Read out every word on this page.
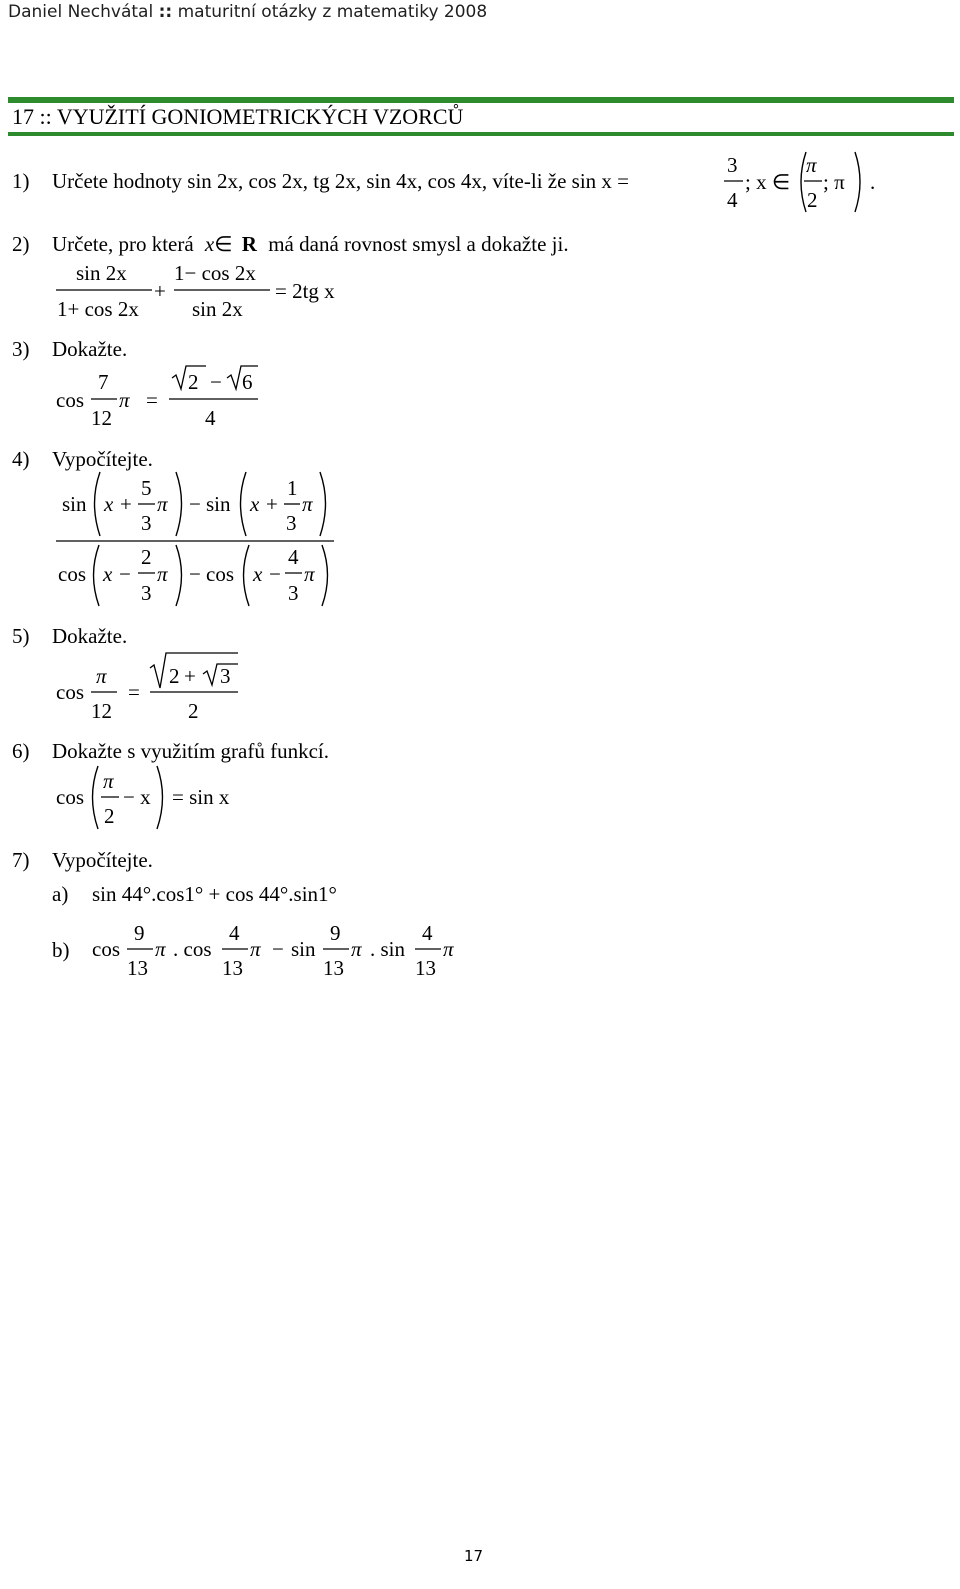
Daniel Nechvátal :: maturitní otázky z matematiky 2008
17 :: VYUŽITÍ GONIOMETRICKÝCH VZORCŮ
1) Určete hodnoty sin 2x, cos 2x, tg 2x, sin 4x, cos 4x, víte-li že sin x =
3
4
; x ∈
π
2
; π .
2) Určete, pro která x∈ R má daná rovnost smysl a dokažte ji.
sin 2x
1+ cos 2x
+
1− cos 2x
sin 2x
= 2tg x
3) Dokažte.
cos
7
12
π =
2 − 6
4
4) Vypočítejte.
sin x +
5
3
π − sin x +
1
3
π
cos x −
2
3
π − cos x −
4
3
π
5) Dokažte.
cos
π
12
=
2 + 3
2
6) Dokažte s využitím grafů funkcí.
cos
π
2
− x = sin x
7) Vypočítejte.
a) sin 44°.cos1° + cos 44°.sin1°
b) cos
9
13
π . cos
4
13
π − sin
9
13
π . sin
4
13
π
17
